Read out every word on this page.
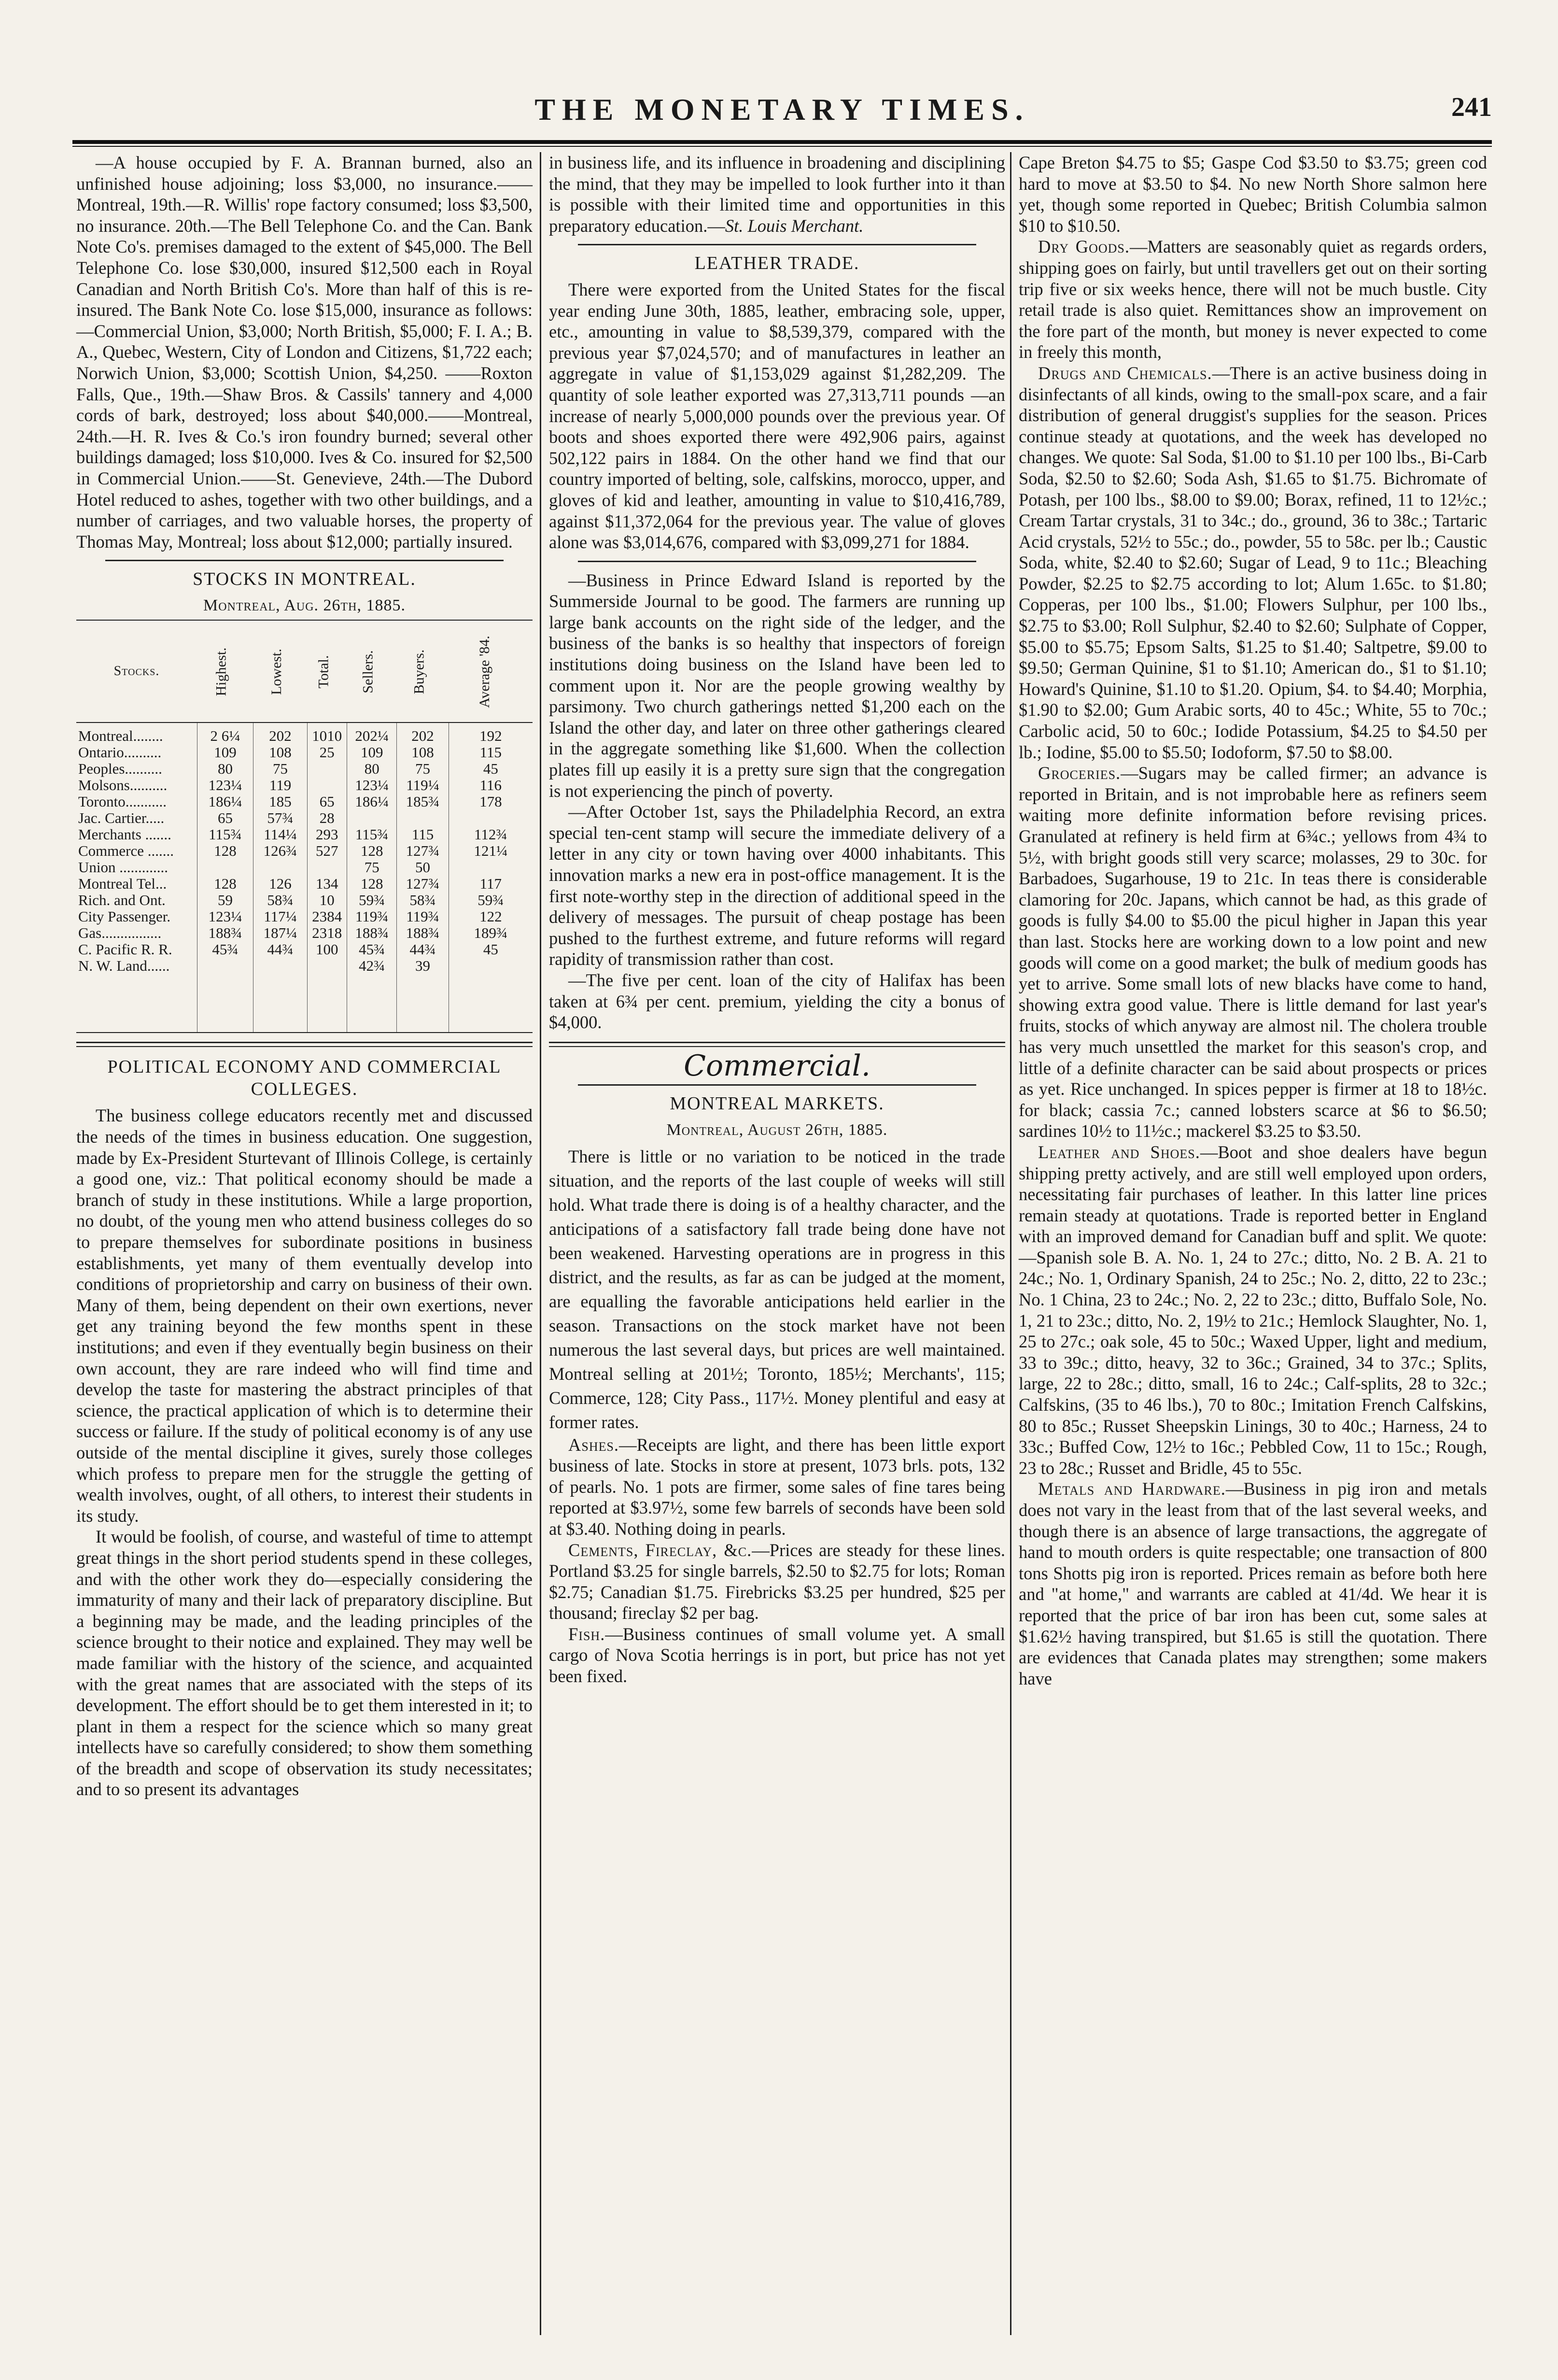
THE MONETARY TIMES.	241

—A house occupied by F. A. Brannan burned, also an unfinished house adjoining; loss $3,000, no insurance.——Montreal, 19th.—R. Willis' rope factory consumed; loss $3,500, no insurance. 20th.—The Bell Telephone Co. and the Can. Bank Note Co's. premises damaged to the extent of $45,000. The Bell Telephone Co. lose $30,000, insured $12,500 each in Royal Canadian and North British Co's. More than half of this is re-insured. The Bank Note Co. lose $15,000, insurance as follows:—Commercial Union, $3,000; North British, $5,000; F. I. A.; B. A., Quebec, Western, City of London and Citizens, $1,722 each; Norwich Union, $3,000; Scottish Union, $4,250. ——Roxton Falls, Que., 19th.—Shaw Bros. & Cassils' tannery and 4,000 cords of bark, destroyed; loss about $40,000.——Montreal, 24th.—H. R. Ives & Co.'s iron foundry burned; several other buildings damaged; loss $10,000. Ives & Co. insured for $2,500 in Commercial Union.——St. Genevieve, 24th.—The Dubord Hotel reduced to ashes, together with two other buildings, and a number of carriages, and two valuable horses, the property of Thomas May, Montreal; loss about $12,000; partially insured.

STOCKS IN MONTREAL.
Montreal, Aug. 26th, 1885.
Stocks.	Highest.	Lowest.	Total.	Sellers.	Buyers.	Average '84.
Montreal........	2 6¼	202	1010	202¼	202	192
Ontario..........	109	108	25	109	108	115
Peoples..........	80	75		80	75	45
Molsons..........	123¼	119		123¼	119¼	116
Toronto...........	186¼	185	65	186¼	185¾	178
Jac. Cartier.....	65	57¾	28			
Merchants .......	115¾	114¼	293	115¾	115	112¾
Commerce .......	128	126¾	527	128	127¾	121¼
Union .............				75	50	
Montreal Tel...	128	126	134	128	127¾	117
Rich. and Ont.	59	58¾	10	59¾	58¾	59¾
City Passenger.	123¼	117¼	2384	119¾	119¾	122
Gas................	188¾	187¼	2318	188¾	188¾	189¾
C. Pacific R. R.	45¾	44¾	100	45¾	44¾	45
N. W. Land......				42¾	39	

POLITICAL ECONOMY AND COMMERCIAL COLLEGES.

The business college educators recently met and discussed the needs of the times in business education. One suggestion, made by Ex-President Sturtevant of Illinois College, is certainly a good one, viz.: That political economy should be made a branch of study in these institutions. While a large proportion, no doubt, of the young men who attend business colleges do so to prepare themselves for subordinate positions in business establishments, yet many of them eventually develop into conditions of proprietorship and carry on business of their own. Many of them, being dependent on their own exertions, never get any training beyond the few months spent in these institutions; and even if they eventually begin business on their own account, they are rare indeed who will find time and develop the taste for mastering the abstract principles of that science, the practical application of which is to determine their success or failure. If the study of political economy is of any use outside of the mental discipline it gives, surely those colleges which profess to prepare men for the struggle the getting of wealth involves, ought, of all others, to interest their students in its study.

It would be foolish, of course, and wasteful of time to attempt great things in the short period students spend in these colleges, and with the other work they do—especially considering the immaturity of many and their lack of preparatory discipline. But a beginning may be made, and the leading principles of the science brought to their notice and explained. They may well be made familiar with the history of the science, and acquainted with the great names that are associated with the steps of its development. The effort should be to get them interested in it; to plant in them a respect for the science which so many great intellects have so carefully considered; to show them something of the breadth and scope of observation its study necessitates; and to so present its advantages

in business life, and its influence in broadening and disciplining the mind, that they may be impelled to look further into it than is possible with their limited time and opportunities in this preparatory education.—St. Louis Merchant.

LEATHER TRADE.

There were exported from the United States for the fiscal year ending June 30th, 1885, leather, embracing sole, upper, etc., amounting in value to $8,539,379, compared with the previous year $7,024,570; and of manufactures in leather an aggregate in value of $1,153,029 against $1,282,209. The quantity of sole leather exported was 27,313,711 pounds —an increase of nearly 5,000,000 pounds over the previous year. Of boots and shoes exported there were 492,906 pairs, against 502,122 pairs in 1884. On the other hand we find that our country imported of belting, sole, calfskins, morocco, upper, and gloves of kid and leather, amounting in value to $10,416,789, against $11,372,064 for the previous year. The value of gloves alone was $3,014,676, compared with $3,099,271 for 1884.

—Business in Prince Edward Island is reported by the Summerside Journal to be good. The farmers are running up large bank accounts on the right side of the ledger, and the business of the banks is so healthy that inspectors of foreign institutions doing business on the Island have been led to comment upon it. Nor are the people growing wealthy by parsimony. Two church gatherings netted $1,200 each on the Island the other day, and later on three other gatherings cleared in the aggregate something like $1,600. When the collection plates fill up easily it is a pretty sure sign that the congregation is not experiencing the pinch of poverty.

—After October 1st, says the Philadelphia Record, an extra special ten-cent stamp will secure the immediate delivery of a letter in any city or town having over 4000 inhabitants. This innovation marks a new era in post-office management. It is the first note-worthy step in the direction of additional speed in the delivery of messages. The pursuit of cheap postage has been pushed to the furthest extreme, and future reforms will regard rapidity of transmission rather than cost.

—The five per cent. loan of the city of Halifax has been taken at 6¾ per cent. premium, yielding the city a bonus of $4,000.

Commercial.
MONTREAL MARKETS.
Montreal, August 26th, 1885.

There is little or no variation to be noticed in the trade situation, and the reports of the last couple of weeks will still hold. What trade there is doing is of a healthy character, and the anticipations of a satisfactory fall trade being done have not been weakened. Harvesting operations are in progress in this district, and the results, as far as can be judged at the moment, are equalling the favorable anticipations held earlier in the season. Transactions on the stock market have not been numerous the last several days, but prices are well maintained. Montreal selling at 201½; Toronto, 185½; Merchants', 115; Commerce, 128; City Pass., 117½. Money plentiful and easy at former rates.

Ashes.—Receipts are light, and there has been little export business of late. Stocks in store at present, 1073 brls. pots, 132 of pearls. No. 1 pots are firmer, some sales of fine tares being reported at $3.97½, some few barrels of seconds have been sold at $3.40. Nothing doing in pearls.

Cements, Fireclay, &c.—Prices are steady for these lines. Portland $3.25 for single barrels, $2.50 to $2.75 for lots; Roman $2.75; Canadian $1.75. Firebricks $3.25 per hundred, $25 per thousand; fireclay $2 per bag.

Fish.—Business continues of small volume yet. A small cargo of Nova Scotia herrings is in port, but price has not yet been fixed.

Cape Breton $4.75 to $5; Gaspe Cod $3.50 to $3.75; green cod hard to move at $3.50 to $4. No new North Shore salmon here yet, though some reported in Quebec; British Columbia salmon $10 to $10.50.

Dry Goods.—Matters are seasonably quiet as regards orders, shipping goes on fairly, but until travellers get out on their sorting trip five or six weeks hence, there will not be much bustle. City retail trade is also quiet. Remittances show an improvement on the fore part of the month, but money is never expected to come in freely this month,

Drugs and Chemicals.—There is an active business doing in disinfectants of all kinds, owing to the small-pox scare, and a fair distribution of general druggist's supplies for the season. Prices continue steady at quotations, and the week has developed no changes. We quote: Sal Soda, $1.00 to $1.10 per 100 lbs., Bi-Carb Soda, $2.50 to $2.60; Soda Ash, $1.65 to $1.75. Bichromate of Potash, per 100 lbs., $8.00 to $9.00; Borax, refined, 11 to 12½c.; Cream Tartar crystals, 31 to 34c.; do., ground, 36 to 38c.; Tartaric Acid crystals, 52½ to 55c.; do., powder, 55 to 58c. per lb.; Caustic Soda, white, $2.40 to $2.60; Sugar of Lead, 9 to 11c.; Bleaching Powder, $2.25 to $2.75 according to lot; Alum 1.65c. to $1.80; Copperas, per 100 lbs., $1.00; Flowers Sulphur, per 100 lbs., $2.75 to $3.00; Roll Sulphur, $2.40 to $2.60; Sulphate of Copper, $5.00 to $5.75; Epsom Salts, $1.25 to $1.40; Saltpetre, $9.00 to $9.50; German Quinine, $1 to $1.10; American do., $1 to $1.10; Howard's Quinine, $1.10 to $1.20. Opium, $4. to $4.40; Morphia, $1.90 to $2.00; Gum Arabic sorts, 40 to 45c.; White, 55 to 70c.; Carbolic acid, 50 to 60c.; Iodide Potassium, $4.25 to $4.50 per lb.; Iodine, $5.00 to $5.50; Iodoform, $7.50 to $8.00.

Groceries.—Sugars may be called firmer; an advance is reported in Britain, and is not improbable here as refiners seem waiting more definite information before revising prices. Granulated at refinery is held firm at 6¾c.; yellows from 4¾ to 5½, with bright goods still very scarce; molasses, 29 to 30c. for Barbadoes, Sugarhouse, 19 to 21c. In teas there is considerable clamoring for 20c. Japans, which cannot be had, as this grade of goods is fully $4.00 to $5.00 the picul higher in Japan this year than last. Stocks here are working down to a low point and new goods will come on a good market; the bulk of medium goods has yet to arrive. Some small lots of new blacks have come to hand, showing extra good value. There is little demand for last year's fruits, stocks of which anyway are almost nil. The cholera trouble has very much unsettled the market for this season's crop, and little of a definite character can be said about prospects or prices as yet. Rice unchanged. In spices pepper is firmer at 18 to 18½c. for black; cassia 7c.; canned lobsters scarce at $6 to $6.50; sardines 10½ to 11½c.; mackerel $3.25 to $3.50.

Leather and Shoes.—Boot and shoe dealers have begun shipping pretty actively, and are still well employed upon orders, necessitating fair purchases of leather. In this latter line prices remain steady at quotations. Trade is reported better in England with an improved demand for Canadian buff and split. We quote:—Spanish sole B. A. No. 1, 24 to 27c.; ditto, No. 2 B. A. 21 to 24c.; No. 1, Ordinary Spanish, 24 to 25c.; No. 2, ditto, 22 to 23c.; No. 1 China, 23 to 24c.; No. 2, 22 to 23c.; ditto, Buffalo Sole, No. 1, 21 to 23c.; ditto, No. 2, 19½ to 21c.; Hemlock Slaughter, No. 1, 25 to 27c.; oak sole, 45 to 50c.; Waxed Upper, light and medium, 33 to 39c.; ditto, heavy, 32 to 36c.; Grained, 34 to 37c.; Splits, large, 22 to 28c.; ditto, small, 16 to 24c.; Calf-splits, 28 to 32c.; Calfskins, (35 to 46 lbs.), 70 to 80c.; Imitation French Calfskins, 80 to 85c.; Russet Sheepskin Linings, 30 to 40c.; Harness, 24 to 33c.; Buffed Cow, 12½ to 16c.; Pebbled Cow, 11 to 15c.; Rough, 23 to 28c.; Russet and Bridle, 45 to 55c.

Metals and Hardware.—Business in pig iron and metals does not vary in the least from that of the last several weeks, and though there is an absence of large transactions, the aggregate of hand to mouth orders is quite respectable; one transaction of 800 tons Shotts pig iron is reported. Prices remain as before both here and "at home," and warrants are cabled at 41/4d. We hear it is reported that the price of bar iron has been cut, some sales at $1.62½ having transpired, but $1.65 is still the quotation. There are evidences that Canada plates may strengthen; some makers have
